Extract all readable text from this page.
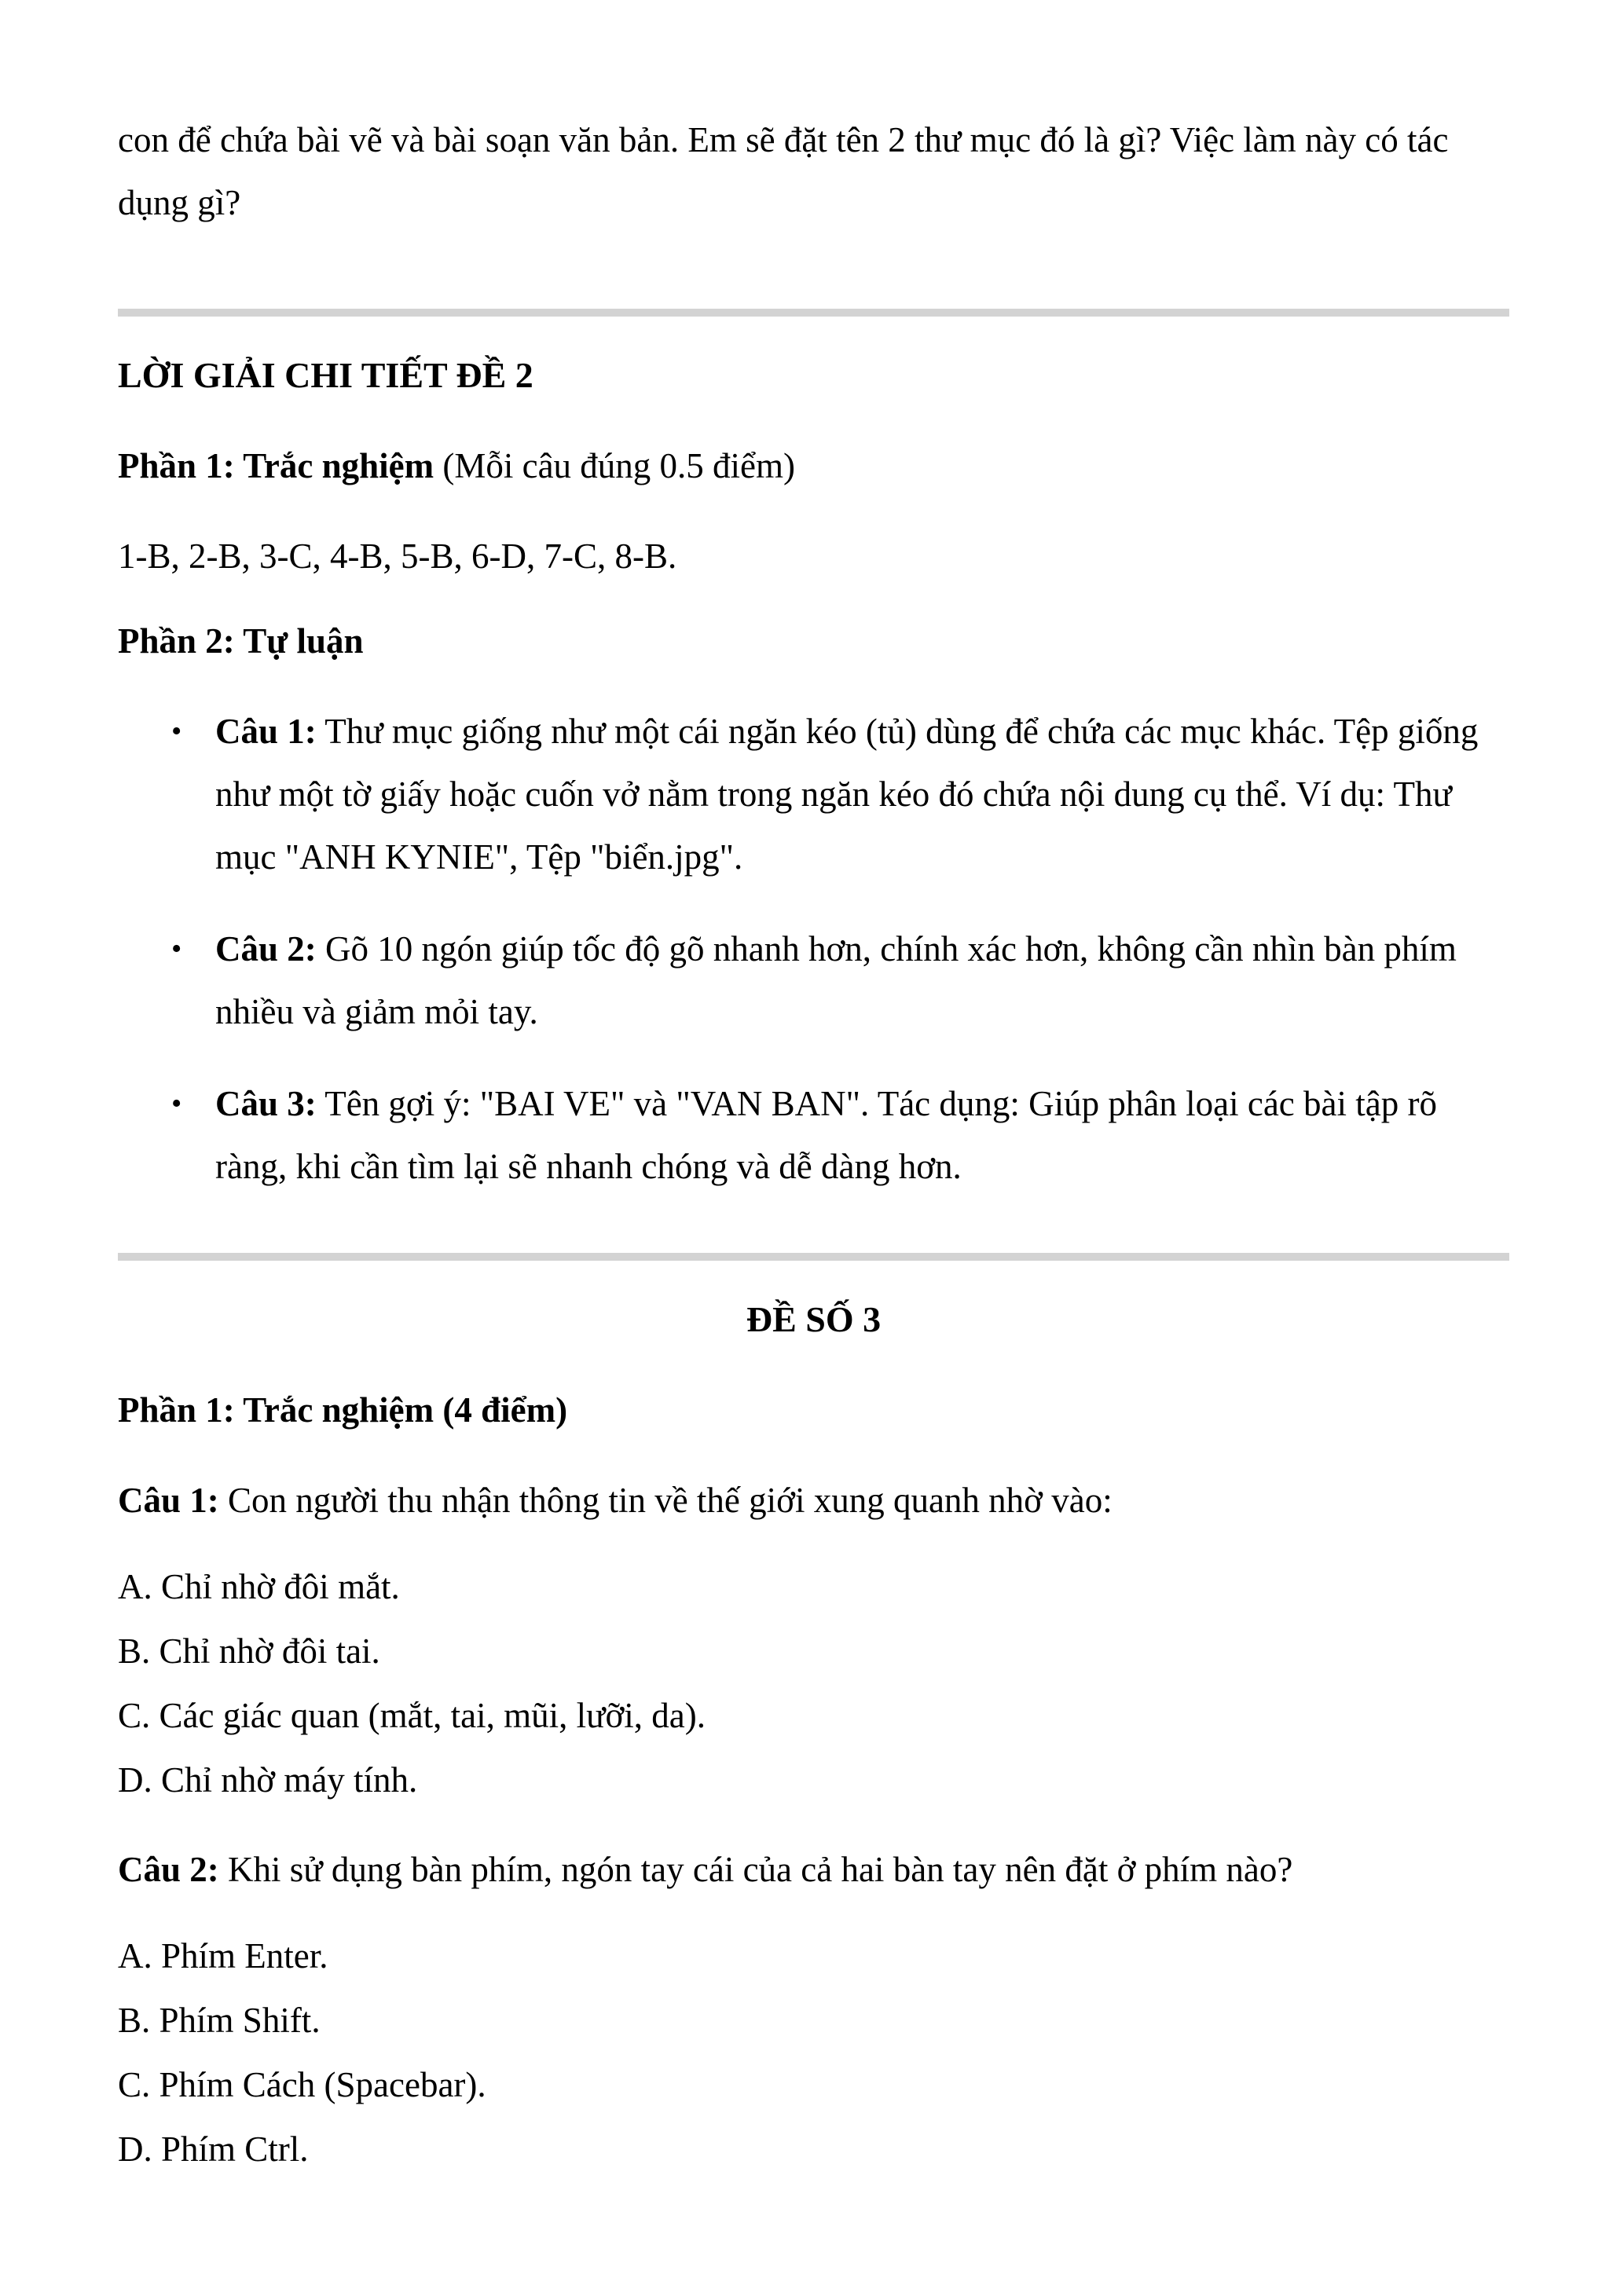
con để chứa bài vẽ và bài soạn văn bản. Em sẽ đặt tên 2 thư mục đó là gì? Việc làm này có tác dụng gì?

LỜI GIẢI CHI TIẾT ĐỀ 2

Phần 1: Trắc nghiệm (Mỗi câu đúng 0.5 điểm)

1-B, 2-B, 3-C, 4-B, 5-B, 6-D, 7-C, 8-B.

Phần 2: Tự luận

• Câu 1: Thư mục giống như một cái ngăn kéo (tủ) dùng để chứa các mục khác. Tệp giống như một tờ giấy hoặc cuốn vở nằm trong ngăn kéo đó chứa nội dung cụ thể. Ví dụ: Thư mục "ANH KYNIE", Tệp "biển.jpg".
• Câu 2: Gõ 10 ngón giúp tốc độ gõ nhanh hơn, chính xác hơn, không cần nhìn bàn phím nhiều và giảm mỏi tay.
• Câu 3: Tên gợi ý: "BAI VE" và "VAN BAN". Tác dụng: Giúp phân loại các bài tập rõ ràng, khi cần tìm lại sẽ nhanh chóng và dễ dàng hơn.
ĐỀ SỐ 3

Phần 1: Trắc nghiệm (4 điểm)

Câu 1: Con người thu nhận thông tin về thế giới xung quanh nhờ vào:

A. Chỉ nhờ đôi mắt.
B. Chỉ nhờ đôi tai.
C. Các giác quan (mắt, tai, mũi, lưỡi, da).
D. Chỉ nhờ máy tính.

Câu 2: Khi sử dụng bàn phím, ngón tay cái của cả hai bàn tay nên đặt ở phím nào?

A. Phím Enter.
B. Phím Shift.
C. Phím Cách (Spacebar).
D. Phím Ctrl.
